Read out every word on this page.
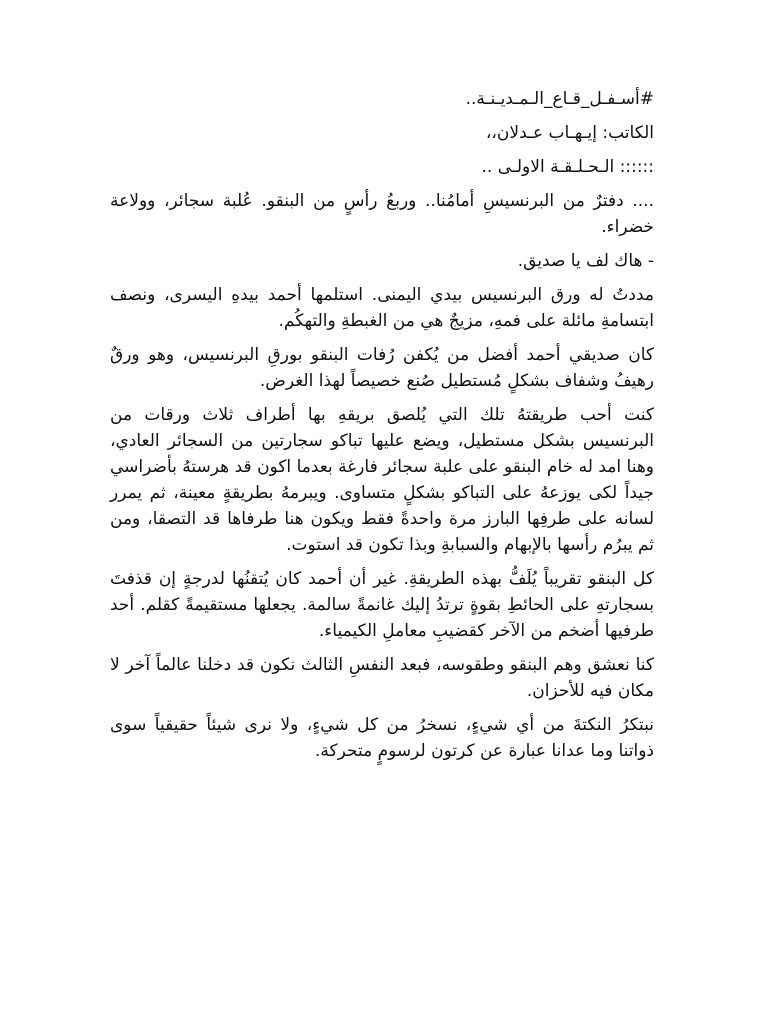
#أسـفـل_قـاع_الـمـديـنـة..

الكاتب: إيـهـاب عـدلان،،

:::::: الـحـلـقـة الاولـى ..

.... دفترٌ من البرنسيسِ أمامُنا.. وربعُ رأسٍ من البنقو. عُلبة سجائر، وولاعة خضراء.

- هاك لف يا صديق.

مددتُ له ورق البرنسيس بيدي اليمنى. استلمها أحمد بيدهِ اليسرى، ونصف ابتسامةِ مائلة على فمهِ، مزيجٌ هي من الغبطةِ والتهكُم.

كان صديقي أحمد أفضل من يُكفن رُفات البنقو بورقِ البرنسيس، وهو ورقٌ رهيفُ وشفاف بشكلٍ مُستطيل صُنع خصيصاً لهذا الغرض.

كنت أحب طريقتهُ تلك التي يُلصق بريقهِ بها أطراف ثلاث ورقات من البرنسيس بشكل مستطيل، ويضع عليها تباكو سجارتين من السجائر العادي، وهنا امد له خام البنقو على علبة سجائر فارغة بعدما اكون قد هرستهُ بأضراسي جيداً لكى يوزعهُ على التباكو بشكلٍ متساوى. ويبرمهُ بطريقةٍ معينة، ثم يمرر لسانه على طرفِها البارز مرة واحدةً فقط ويكون هنا طرفاها قد التصقا، ومن ثم يبرُم رأسها بالإبهام والسبابةِ وبذا تكون قد استوت.

كل البنقو تقريباً يُلَفُّ بهذه الطريقةِ. غير أن أحمد كان يُتقنُها لدرجةٍ إن قذفتَ بسجارتهِ على الحائطِ بقوةٍ ترتدُ إليك غانمةً سالمة. يجعلها مستقيمةً كقلم. أحد طرفيها أضخم من الآخر كقضيبِ معاملِ الكيمياء.

كنا نعشق وهم البنقو وطقوسه، فبعد النفسِ الثالث نكون قد دخلنا عالماً آخر لا مكان فيه للأحزان.

نبتكرُ النكتةَ من أي شيءٍ، نسخرُ من كل شيءٍ، ولا نرى شيئاً حقيقياً سوى ذواتنا وما عدانا عبارة عن كرتون لرسومٍ متحركة.
